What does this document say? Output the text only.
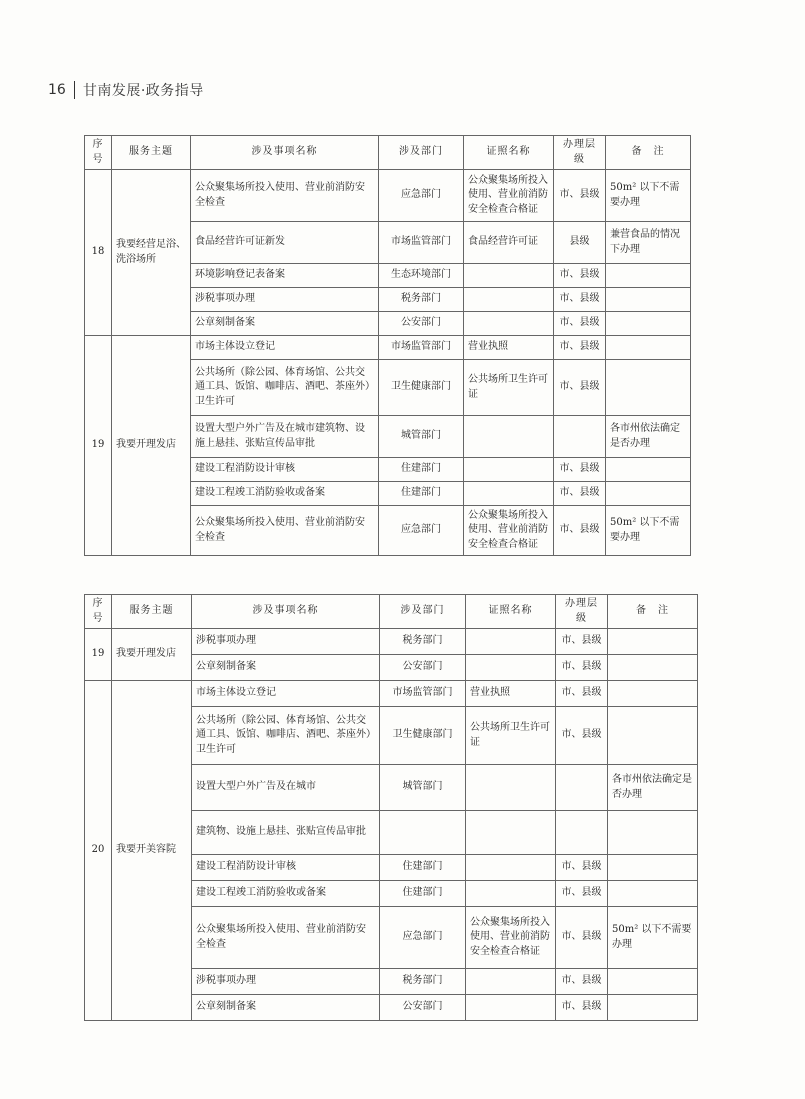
16 甘南发展·政务指导
序号	服务主题	涉及事项名称	涉及部门	证照名称	办理层级	备　注
18	我要经营足浴、洗浴场所	公众聚集场所投入使用、营业前消防安全检查	应急部门	公众聚集场所投入使用、营业前消防安全检查合格证	市、县级	50m² 以下不需要办理
		食品经营许可证新发	市场监管部门	食品经营许可证	县级	兼营食品的情况下办理
		环境影响登记表备案	生态环境部门		市、县级	
		涉税事项办理	税务部门		市、县级	
		公章刻制备案	公安部门		市、县级	
19	我要开理发店	市场主体设立登记	市场监管部门	营业执照	市、县级	
		公共场所（除公园、体育场馆、公共交通工具、饭馆、咖啡店、酒吧、茶座外）卫生许可	卫生健康部门	公共场所卫生许可证	市、县级	
		设置大型户外广告及在城市建筑物、设施上悬挂、张贴宣传品审批	城管部门			各市州依法确定是否办理
		建设工程消防设计审核	住建部门		市、县级	
		建设工程竣工消防验收或备案	住建部门		市、县级	
		公众聚集场所投入使用、营业前消防安全检查	应急部门	公众聚集场所投入使用、营业前消防安全检查合格证	市、县级	50m² 以下不需要办理
序号	服务主题	涉及事项名称	涉及部门	证照名称	办理层级	备　注
19	我要开理发店	涉税事项办理	税务部门		市、县级	
		公章刻制备案	公安部门		市、县级	
20	我要开美容院	市场主体设立登记	市场监管部门	营业执照	市、县级	
		公共场所（除公园、体育场馆、公共交通工具、饭馆、咖啡店、酒吧、茶座外）卫生许可	卫生健康部门	公共场所卫生许可证	市、县级	
		设置大型户外广告及在城市	城管部门			各市州依法确定是否办理
		建筑物、设施上悬挂、张贴宣传品审批				
		建设工程消防设计审核	住建部门		市、县级	
		建设工程竣工消防验收或备案	住建部门		市、县级	
		公众聚集场所投入使用、营业前消防安全检查	应急部门	公众聚集场所投入使用、营业前消防安全检查合格证	市、县级	50m² 以下不需要办理
		涉税事项办理	税务部门		市、县级	
		公章刻制备案	公安部门		市、县级	
